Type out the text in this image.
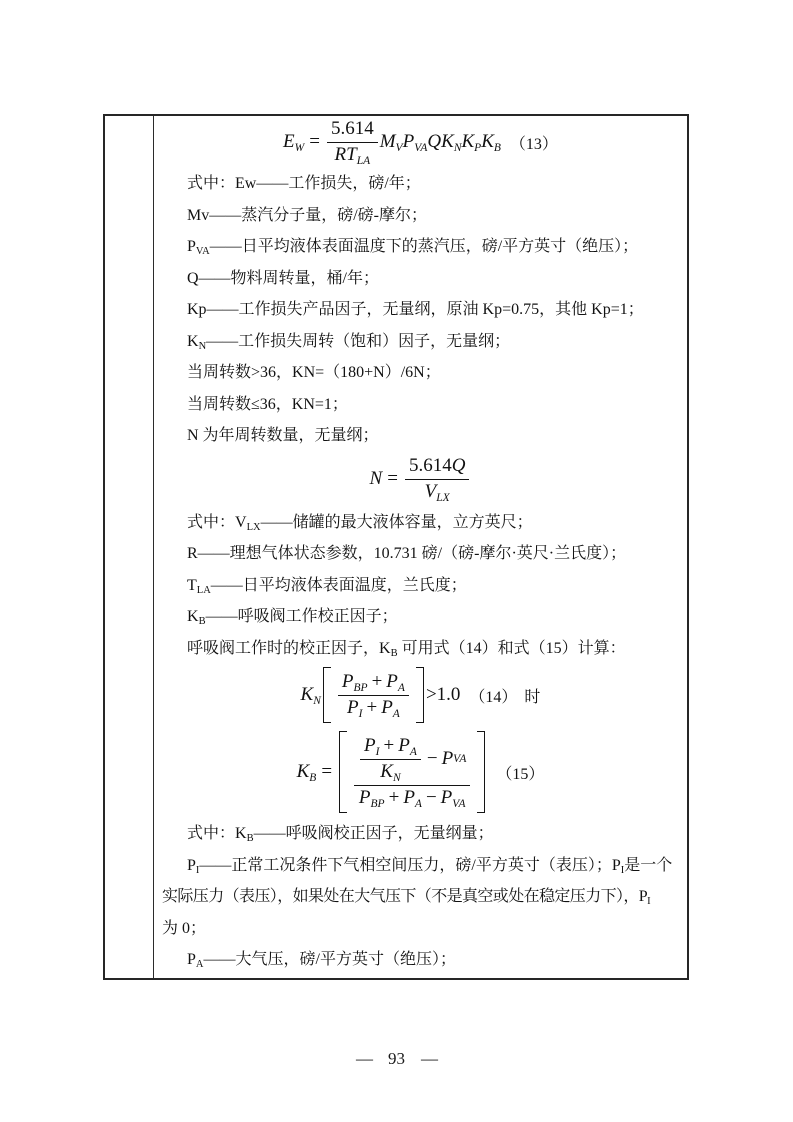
$E_W$ =
5.614
$RT_{LA}$
$M_V$ $P_{VA}$ Q $K_N$ $K_P$ $K_B$ （13）

式中：Ew——工作损失，磅/年；

Mv——蒸汽分子量，磅/磅-摩尔；

$P_{VA}——$日平均液体表面温度下的蒸汽压，磅/平方英寸（绝压）；

Q——物料周转量，桶/年；

Kp——工作损失产品因子，无量纲，原油 Kp=0.75，其他 Kp=1；

$K_N——$工作损失周转（饱和）因子，无量纲；

当周转数>36，KN=（180+N）/6N；

当周转数≤36，KN=1；

N 为年周转数量，无量纲；

N =
5.614Q
$V_{LX}$

式中：$V_{LX}——$储罐的最大液体容量，立方英尺；

R——理想气体状态参数，10.731 磅/（磅-摩尔·英尺·兰氏度）；

$T_{LA}——$日平均液体表面温度，兰氏度；

$K_B——$呼吸阀工作校正因子；

呼吸阀工作时的校正因子，$K_B$ 可用式（14）和式（15）计算：

$K_N$
$P_{BP} + P_A$
$P_I + P_A$
>1.0 （14） 时
$K_B$ =
$P_I + P_A$
$K_N$
− P VA
$P_{BP} + P_A - P_{VA}$
（15）

式中：$K_B——$呼吸阀校正因子，无量纲量；

$P_I——$正常工况条件下气相空间压力，磅/平方英寸（表压）；$P_I$是一个

实际压力（表压），如果处在大气压下（不是真空或处在稳定压力下），$P_I$

为 0；

$P_A——$大气压，磅/平方英寸（绝压）；

— 93 —
